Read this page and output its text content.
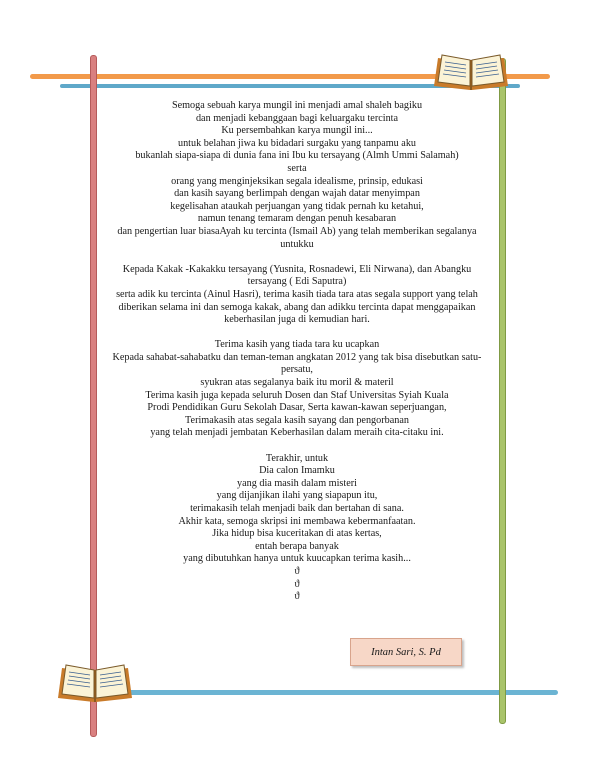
Semoga sebuah karya mungil ini menjadi amal shaleh bagiku

dan menjadi kebanggaan bagi keluargaku tercinta

Ku persembahkan karya mungil ini...

untuk belahan jiwa ku bidadari surgaku yang tanpamu aku

bukanlah siapa-siapa di dunia fana ini Ibu ku tersayang (Almh Ummi Salamah)

serta

orang yang menginjeksikan segala idealisme, prinsip, edukasi

dan kasih sayang berlimpah dengan wajah datar menyimpan

kegelisahan ataukah perjuangan yang tidak pernah ku ketahui,

namun tenang temaram dengan penuh kesabaran

dan pengertian luar biasaAyah ku tercinta (Ismail Ab) yang telah memberikan segalanya

untukku

Kepada Kakak -Kakakku tersayang (Yusnita, Rosnadewi, Eli Nirwana), dan Abangku

tersayang ( Edi Saputra)

serta adik ku tercinta (Ainul Hasri), terima kasih tiada tara atas segala support yang telah

diberikan selama ini dan semoga kakak, abang dan adikku tercinta dapat menggapaikan

keberhasilan juga di kemudian hari.

Terima kasih yang tiada tara ku ucapkan

Kepada sahabat-sahabatku dan teman-teman angkatan 2012 yang tak bisa disebutkan satu-

persatu,

syukran atas segalanya baik itu moril & materil

Terima kasih juga kepada seluruh Dosen dan Staf Universitas Syiah Kuala

Prodi Pendidikan Guru Sekolah Dasar, Serta kawan-kawan seperjuangan,

Terimakasih atas segala kasih sayang dan pengorbanan

yang telah menjadi jembatan Keberhasilan dalam meraih cita-citaku ini.

Terakhir, untuk

Dia calon Imamku

yang dia masih dalam misteri

yang dijanjikan ilahi yang siapapun itu,

terimakasih telah menjadi baik dan bertahan di sana.

Akhir kata, semoga skripsi ini membawa kebermanfaatan.

Jika hidup bisa kuceritakan di atas kertas,

entah berapa banyak

yang dibutuhkan hanya untuk kuucapkan terima kasih...

ϑ

ϑ

ϑ

Intan Sari, S. Pd
